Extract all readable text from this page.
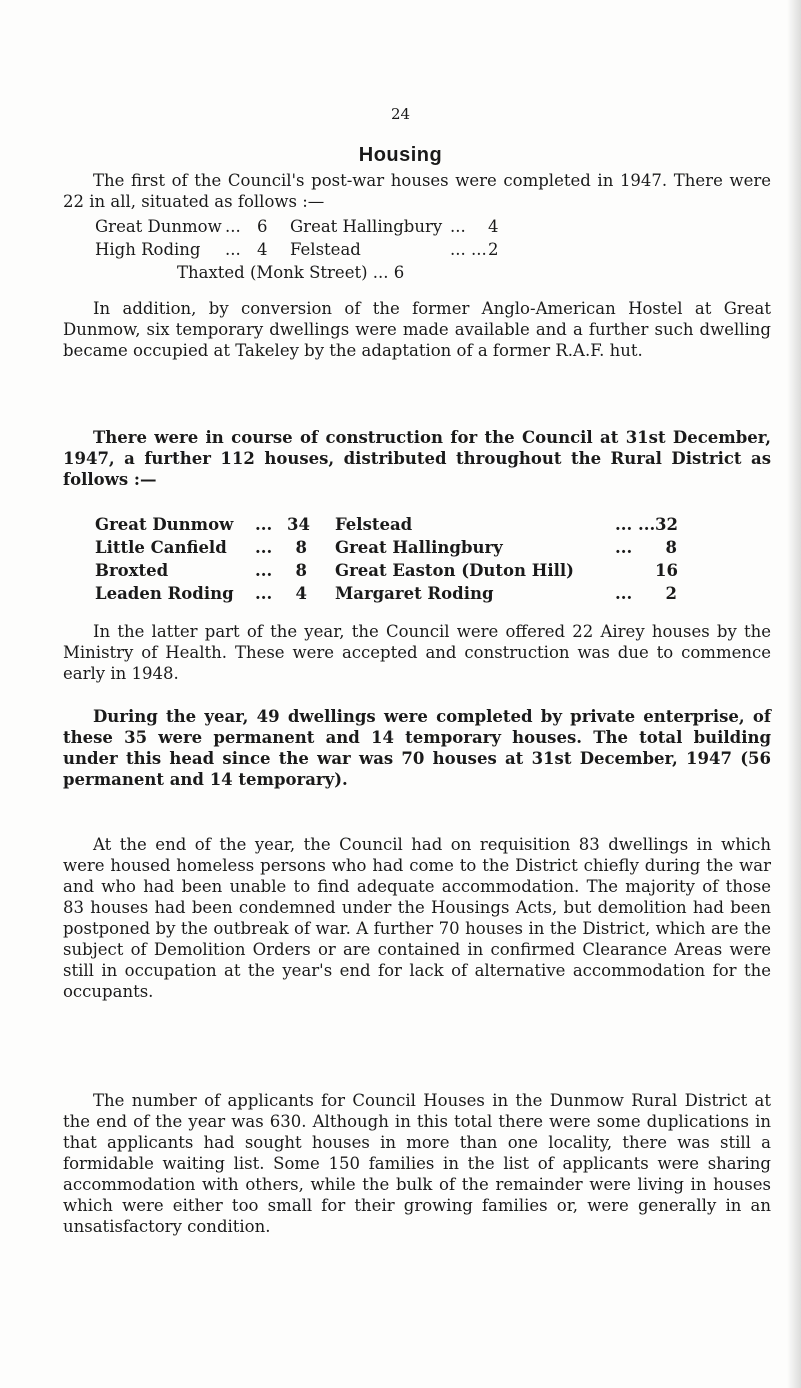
24
Housing
The first of the Council's post-war houses were completed in 1947. There were 22 in all, situated as follows :—
Great Dunmow ... 6 Great Hallingbury ... 4
High Roding ... 4 Felstead	... ... 2
Thaxted (Monk Street) ... 6
In addition, by conversion of the former Anglo-American Hostel at Great Dunmow, six temporary dwellings were made available and a further such dwelling became occupied at Takeley by the adaptation of a former R.A.F. hut.
There were in course of construction for the Council at 31st December, 1947, a further 112 houses, distributed throughout the Rural District as follows :—
Great Dunmow ... 34 Felstead	... ... 32
Little Canfield ...	8 Great Hallingbury	...	8
Broxted	...	8 Great Easton (Duton Hill)	16
Leaden Roding ...	4 Margaret Roding	...	2
In the latter part of the year, the Council were offered 22 Airey houses by the Ministry of Health. These were accepted and construction was due to commence early in 1948.
During the year, 49 dwellings were completed by private enterprise, of these 35 were permanent and 14 temporary houses. The total building under this head since the war was 70 houses at 31st December, 1947 (56 permanent and 14 temporary).
At the end of the year, the Council had on requisition 83 dwellings in which were housed homeless persons who had come to the District chiefly during the war and who had been unable to find adequate accommodation. The majority of those 83 houses had been condemned under the Housings Acts, but demolition had been postponed by the outbreak of war. A further 70 houses in the District, which are the subject of Demolition Orders or are contained in confirmed Clearance Areas were still in occupation at the year's end for lack of alternative accommodation for the occupants.
The number of applicants for Council Houses in the Dunmow Rural District at the end of the year was 630. Although in this total there were some duplications in that applicants had sought houses in more than one locality, there was still a formidable waiting list. Some 150 families in the list of applicants were sharing accommodation with others, while the bulk of the remainder were living in houses which were either too small for their growing families or, were generally in an unsatisfactory condition.
